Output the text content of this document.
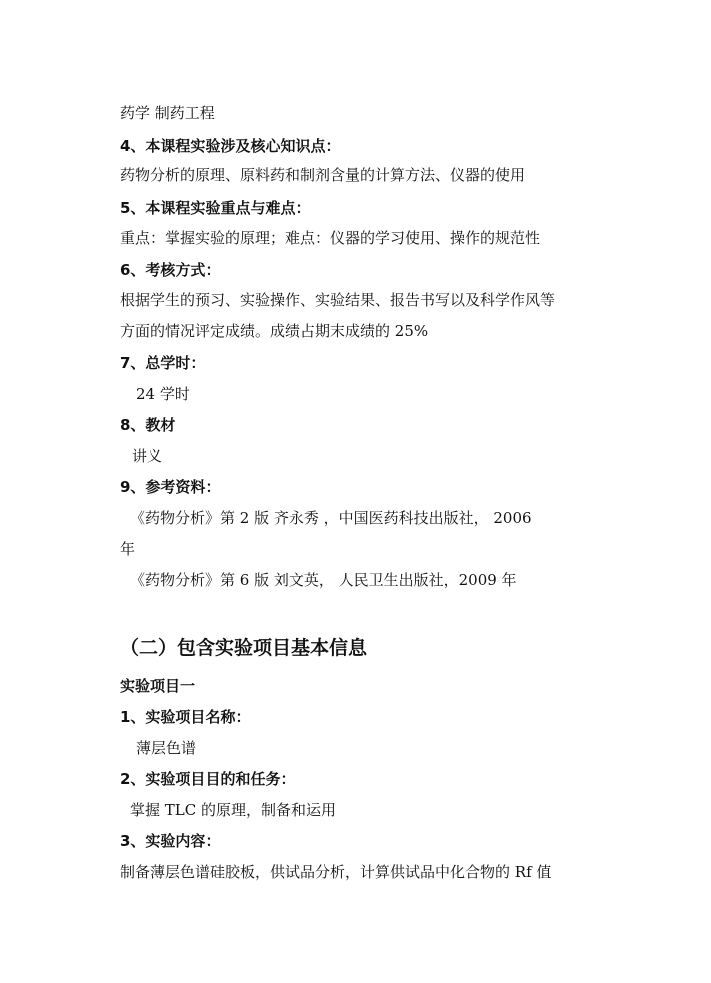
药学 制药工程
4、本课程实验涉及核心知识点：
药物分析的原理、原料药和制剂含量的计算方法、仪器的使用
5、本课程实验重点与难点：
重点：掌握实验的原理；难点：仪器的学习使用、操作的规范性
6、考核方式：
根据学生的预习、实验操作、实验结果、报告书写以及科学作风等
方面的情况评定成绩。成绩占期末成绩的 25%
7、总学时：
24 学时
8、教材
讲义
9、参考资料：
《药物分析》第 2 版 齐永秀 ，中国医药科技出版社， 2006
年
《药物分析》第 6 版 刘文英， 人民卫生出版社，2009 年
（二）包含实验项目基本信息
实验项目一
1、实验项目名称：
薄层色谱
2、实验项目目的和任务：
掌握 TLC 的原理，制备和运用
3、实验内容：
制备薄层色谱硅胶板，供试品分析，计算供试品中化合物的 Rf 值
